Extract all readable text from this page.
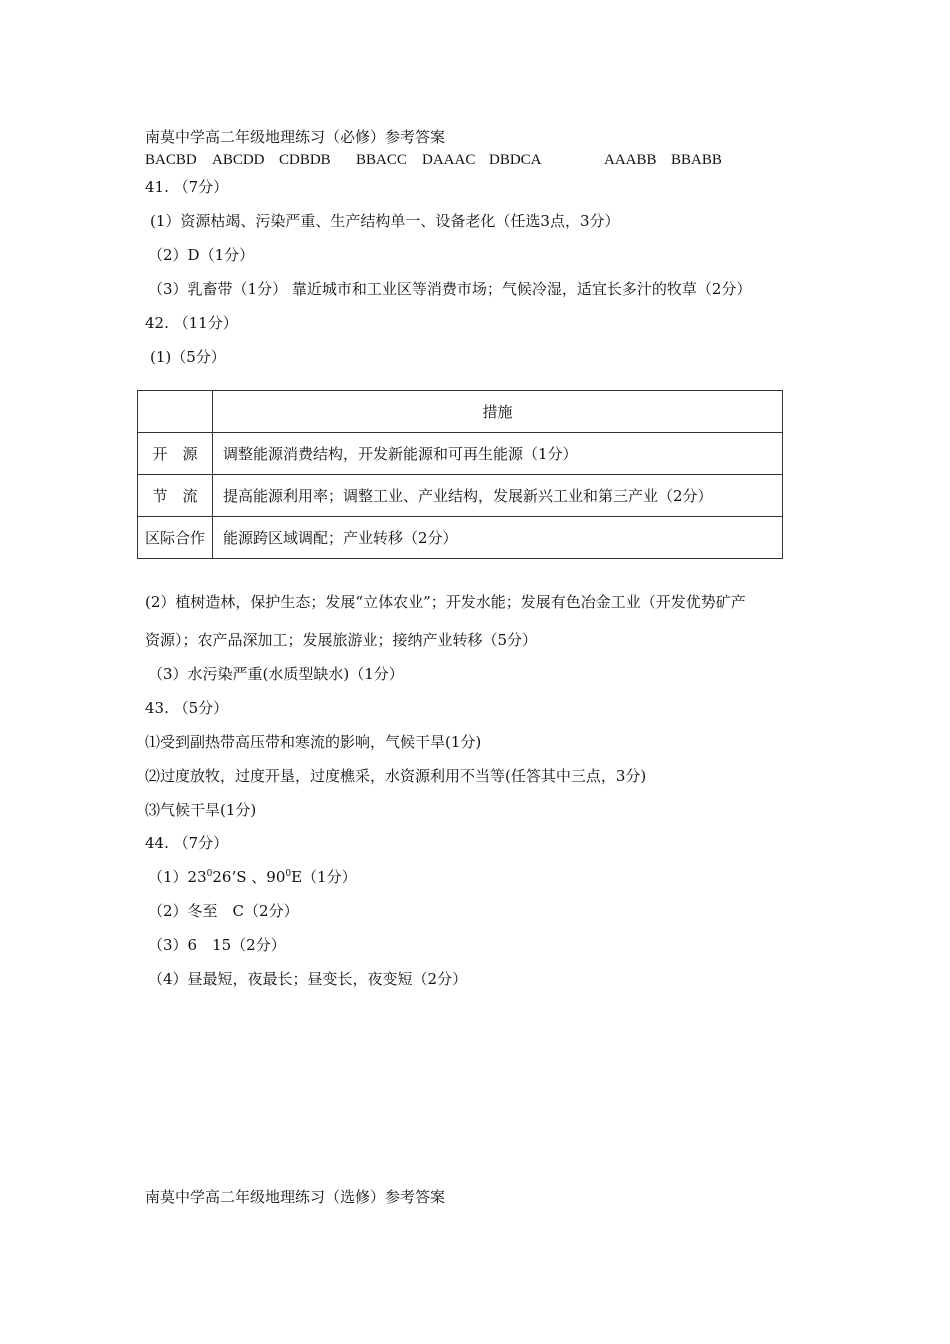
南莫中学高二年级地理练习（必修）参考答案
BACBD ABCDD CDBDB BBACC DAAAC DBDCA	AAABB BBABB
41. （7分）
(1）资源枯竭、污染严重、生产结构单一、设备老化（任选3点，3分）
（2）D（1分）
（3）乳畜带（1分） 靠近城市和工业区等消费市场；气候冷湿，适宜长多汁的牧草（2分）
42. （11分）
(1)（5分）
	措施
开　源	调整能源消费结构，开发新能源和可再生能源（1分）
节　流	提高能源利用率；调整工业、产业结构，发展新兴工业和第三产业（2分）
区际合作	能源跨区域调配；产业转移（2分）
(2）植树造林，保护生态；发展“立体农业”；开发水能；发展有色冶金工业（开发优势矿产
资源）；农产品深加工；发展旅游业；接纳产业转移（5分）
（3）水污染严重(水质型缺水)（1分）
43. （5分）
⑴受到副热带高压带和寒流的影响，气候干旱(1分)
⑵过度放牧，过度开垦，过度樵采，水资源利用不当等(任答其中三点，3分)
⑶气候干旱(1分)
44. （7分）
$(1)23^026’S$ 、$90^0E(1$分）
（2）冬至　C（2分）
（3）6　15（2分）
（4）昼最短，夜最长；昼变长，夜变短（2分）
南莫中学高二年级地理练习（选修）参考答案
